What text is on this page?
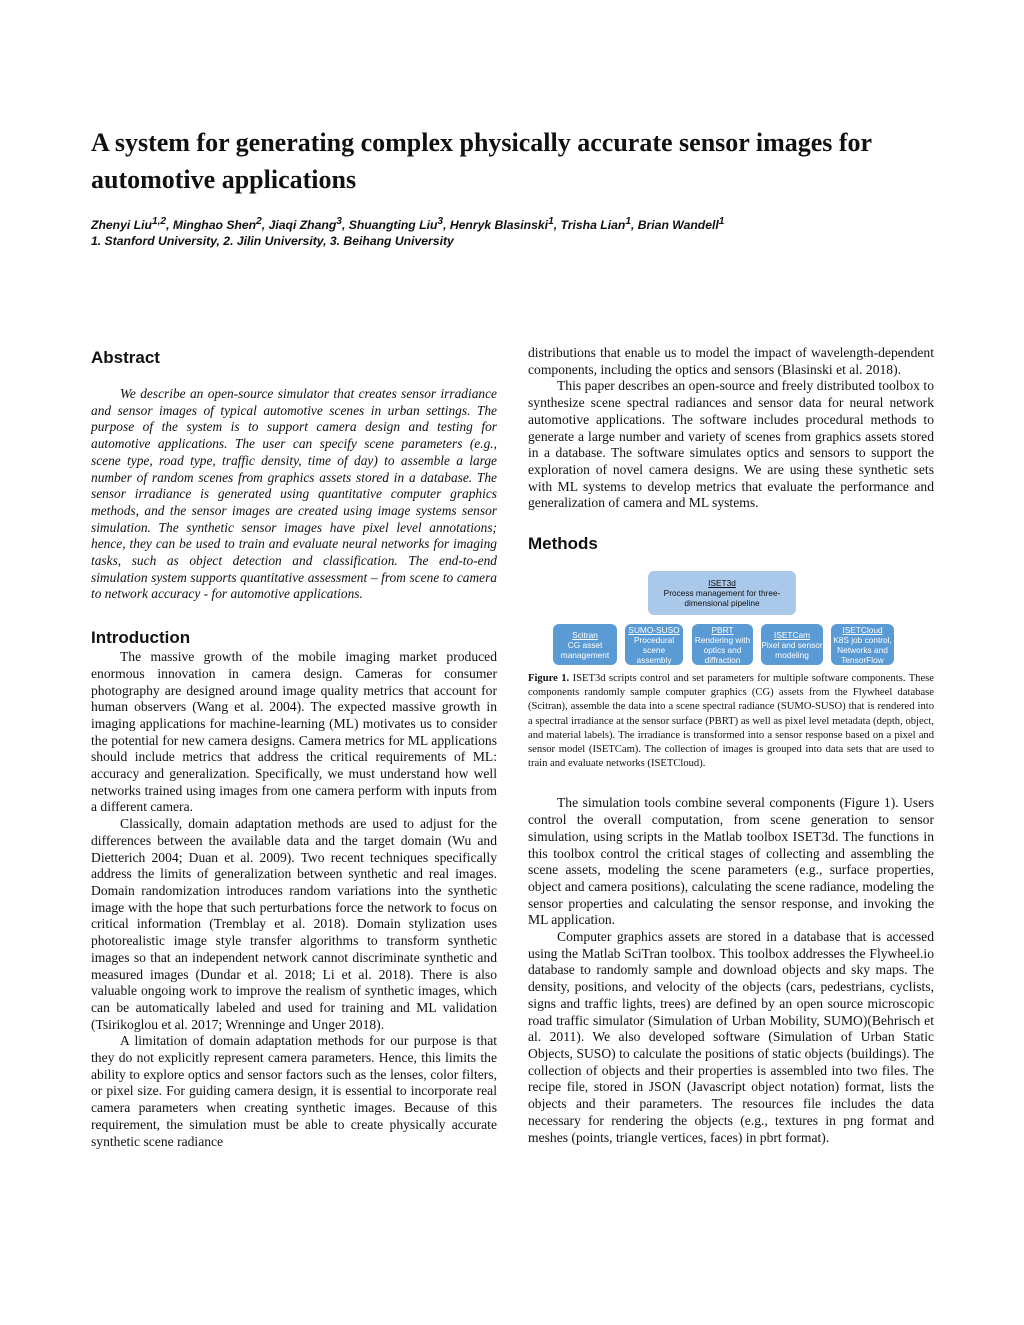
A system for generating complex physically accurate sensor images for automotive applications
Zhenyi Liu$^{1,2}$, Minghao Shen$^2$, Jiaqi Zhang$^3$, Shuangting Liu$^3$, Henryk Blasinski$^1$, Trisha Lian$^1$, Brian Wandell$^1$
1. Stanford University, 2. Jilin University, 3. Beihang University
Abstract

We describe an open-source simulator that creates sensor irradiance and sensor images of typical automotive scenes in urban settings. The purpose of the system is to support camera design and testing for automotive applications. The user can specify scene parameters (e.g., scene type, road type, traffic density, time of day) to assemble a large number of random scenes from graphics assets stored in a database. The sensor irradiance is generated using quantitative computer graphics methods, and the sensor images are created using image systems sensor simulation. The synthetic sensor images have pixel level annotations; hence, they can be used to train and evaluate neural networks for imaging tasks, such as object detection and classification. The end-to-end simulation system supports quantitative assessment – from scene to camera to network accuracy - for automotive applications.

Introduction

The massive growth of the mobile imaging market produced enormous innovation in camera design. Cameras for consumer photography are designed around image quality metrics that account for human observers (Wang et al. 2004). The expected massive growth in imaging applications for machine-learning (ML) motivates us to consider the potential for new camera designs. Camera metrics for ML applications should include metrics that address the critical requirements of ML: accuracy and generalization. Specifically, we must understand how well networks trained using images from one camera perform with inputs from a different camera.

Classically, domain adaptation methods are used to adjust for the differences between the available data and the target domain (Wu and Dietterich 2004; Duan et al. 2009). Two recent techniques specifically address the limits of generalization between synthetic and real images. Domain randomization introduces random variations into the synthetic image with the hope that such perturbations force the network to focus on critical information (Tremblay et al. 2018). Domain stylization uses photorealistic image style transfer algorithms to transform synthetic images so that an independent network cannot discriminate synthetic and measured images (Dundar et al. 2018; Li et al. 2018). There is also valuable ongoing work to improve the realism of synthetic images, which can be automatically labeled and used for training and ML validation (Tsirikoglou et al. 2017; Wrenninge and Unger 2018).

A limitation of domain adaptation methods for our purpose is that they do not explicitly represent camera parameters. Hence, this limits the ability to explore optics and sensor factors such as the lenses, color filters, or pixel size. For guiding camera design, it is essential to incorporate real camera parameters when creating synthetic images. Because of this requirement, the simulation must be able to create physically accurate synthetic scene radiance

distributions that enable us to model the impact of wavelength-dependent components, including the optics and sensors (Blasinski et al. 2018).

This paper describes an open-source and freely distributed toolbox to synthesize scene spectral radiances and sensor data for neural network automotive applications. The software includes procedural methods to generate a large number and variety of scenes from graphics assets stored in a database. The software simulates optics and sensors to support the exploration of novel camera designs. We are using these synthetic sets with ML systems to develop metrics that evaluate the performance and generalization of camera and ML systems.

Methods
ISET3d
Process management for three-dimensional pipeline
Scitran
CG asset management
SUMO-SUSO
Procedural scene assembly
PBRT
Rendering with optics and diffraction
ISETCam
Pixel and sensor modeling
ISETCloud
K8S job control, Networks and TensorFlow

Figure 1. ISET3d scripts control and set parameters for multiple software components. These components randomly sample computer graphics (CG) assets from the Flywheel database (Scitran), assemble the data into a scene spectral radiance (SUMO-SUSO) that is rendered into a spectral irradiance at the sensor surface (PBRT) as well as pixel level metadata (depth, object, and material labels). The irradiance is transformed into a sensor response based on a pixel and sensor model (ISETCam). The collection of images is grouped into data sets that are used to train and evaluate networks (ISETCloud).

The simulation tools combine several components (Figure 1). Users control the overall computation, from scene generation to sensor simulation, using scripts in the Matlab toolbox ISET3d. The functions in this toolbox control the critical stages of collecting and assembling the scene assets, modeling the scene parameters (e.g., surface properties, object and camera positions), calculating the scene radiance, modeling the sensor properties and calculating the sensor response, and invoking the ML application.

Computer graphics assets are stored in a database that is accessed using the Matlab SciTran toolbox. This toolbox addresses the Flywheel.io database to randomly sample and download objects and sky maps. The density, positions, and velocity of the objects (cars, pedestrians, cyclists, signs and traffic lights, trees) are defined by an open source microscopic road traffic simulator (Simulation of Urban Mobility, SUMO)(Behrisch et al. 2011). We also developed software (Simulation of Urban Static Objects, SUSO) to calculate the positions of static objects (buildings). The collection of objects and their properties is assembled into two files. The recipe file, stored in JSON (Javascript object notation) format, lists the objects and their parameters. The resources file includes the data necessary for rendering the objects (e.g., textures in png format and meshes (points, triangle vertices, faces) in pbrt format).
